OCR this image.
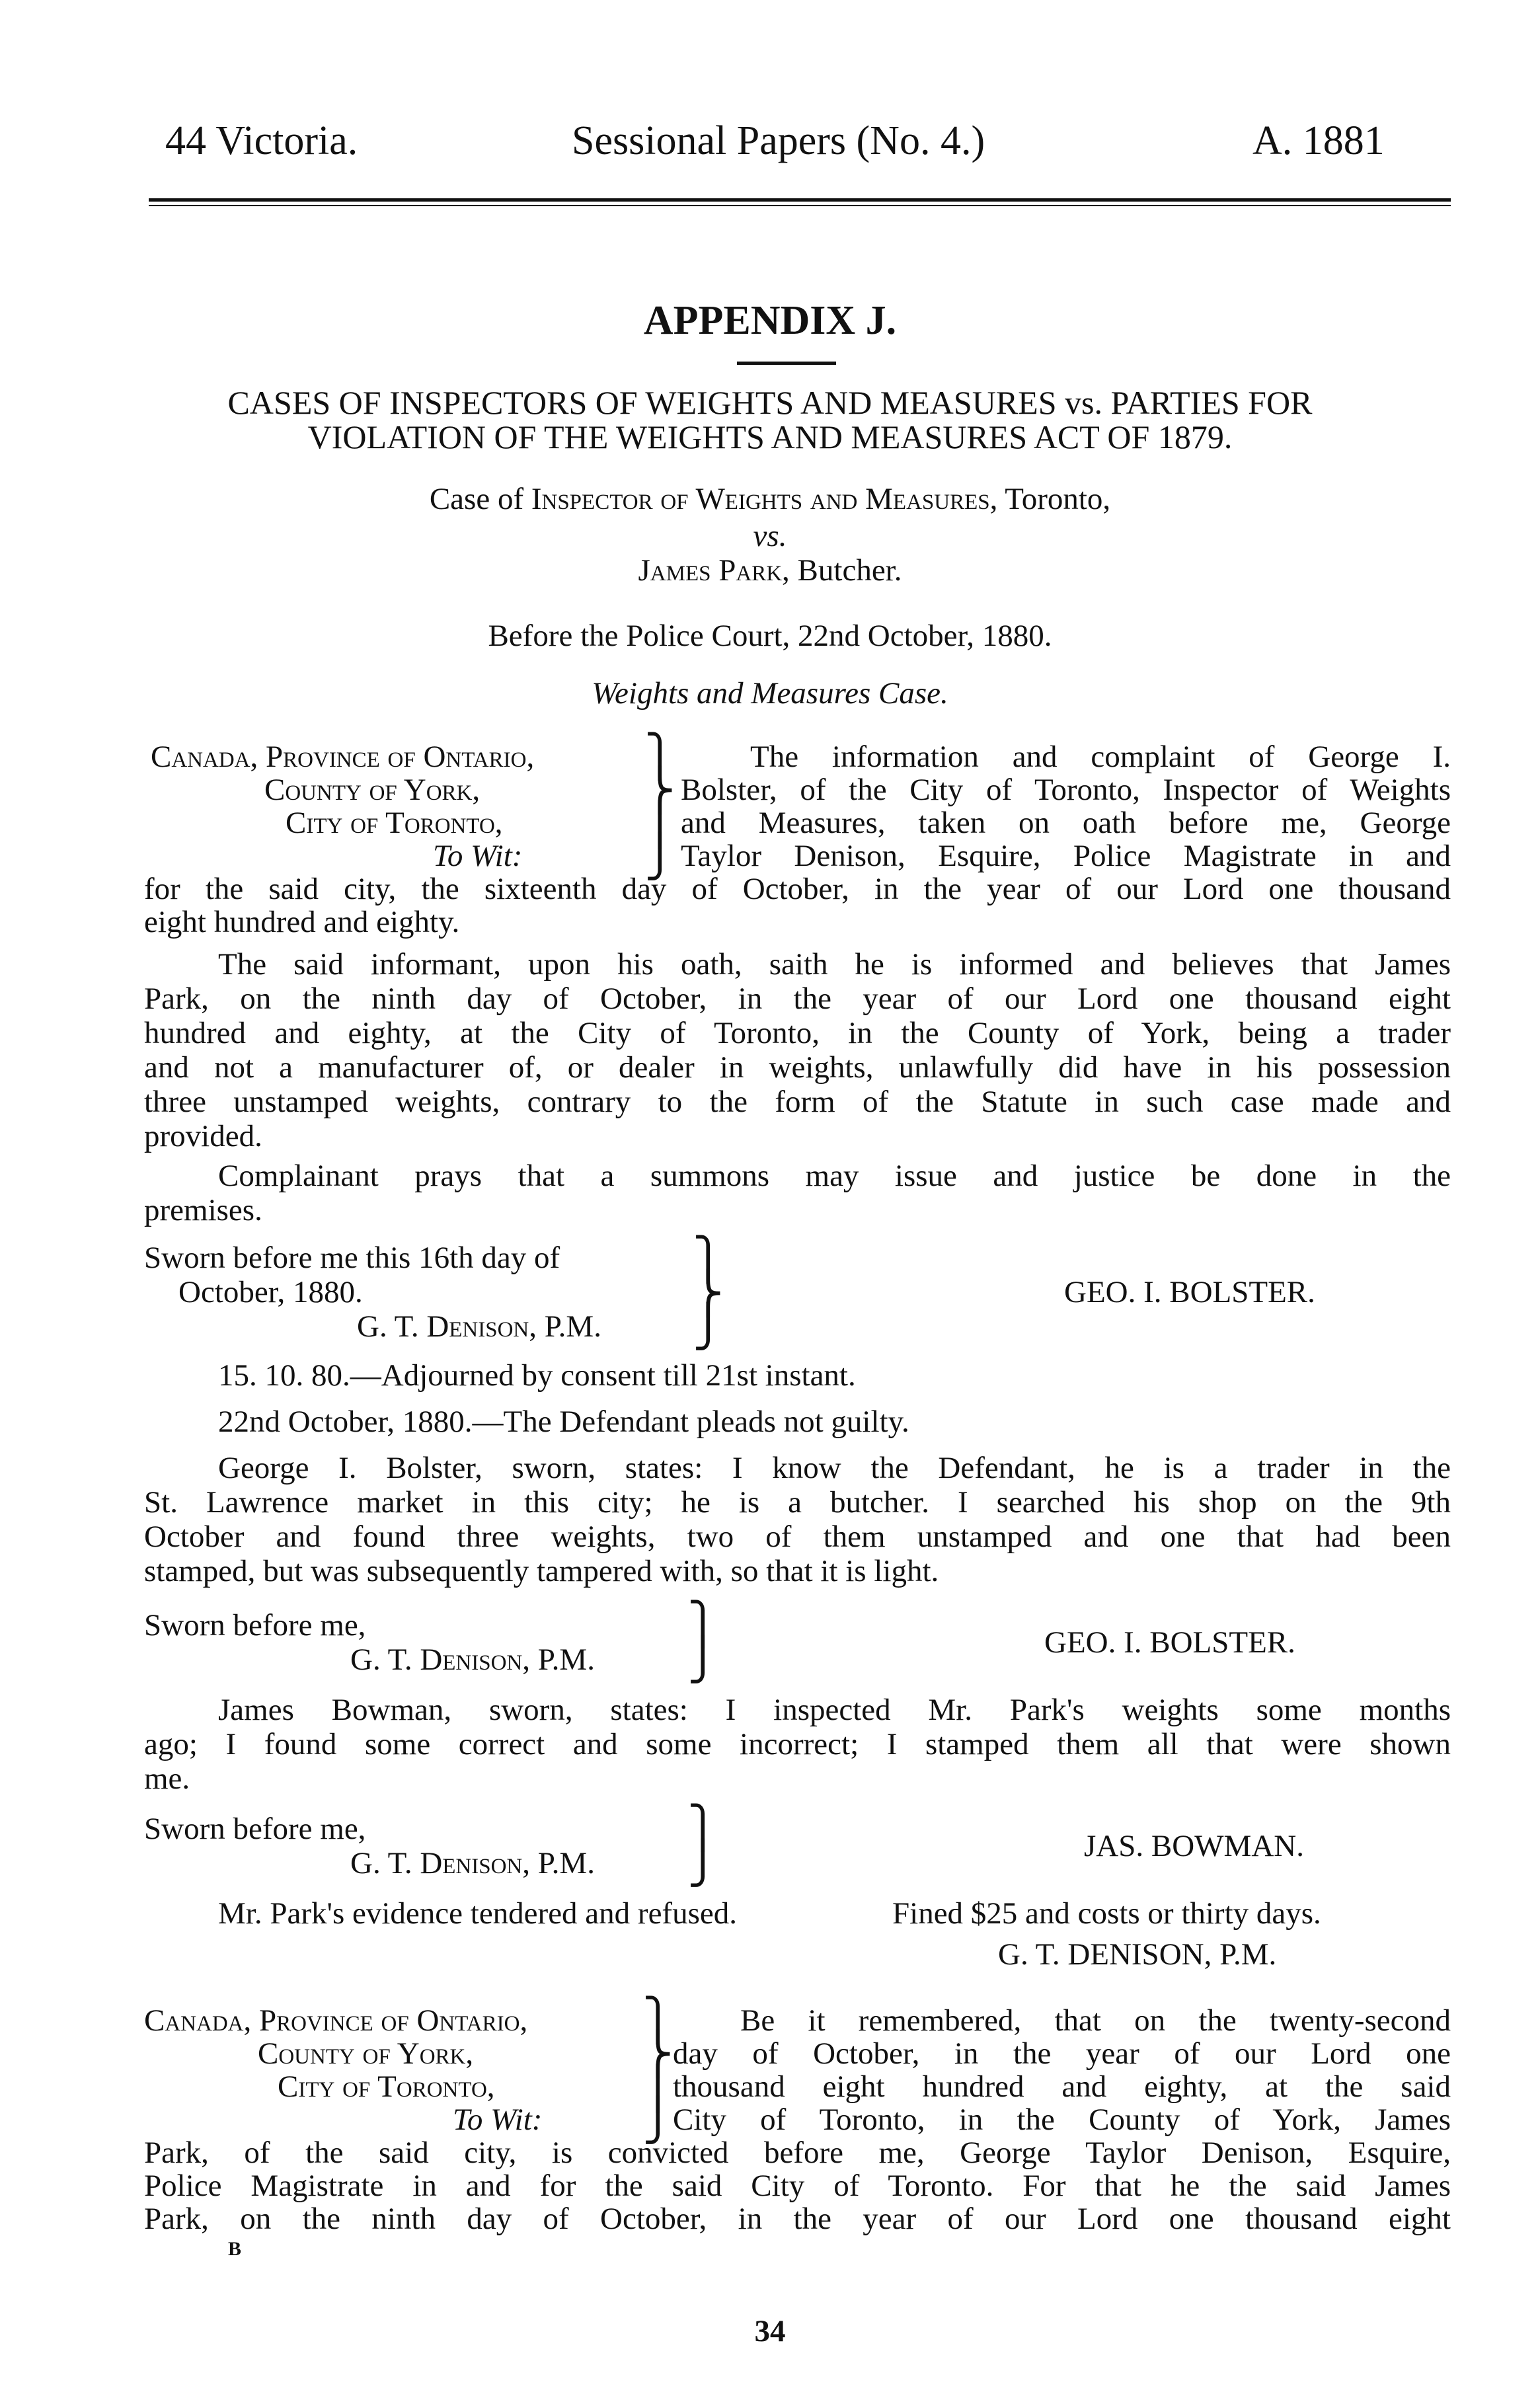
44 Victoria.	Sessional Papers (No. 4.)	A. 1881
APPENDIX J.
CASES OF INSPECTORS OF WEIGHTS AND MEASURES vs. PARTIES FOR
VIOLATION OF THE WEIGHTS AND MEASURES ACT OF 1879.
Case of Inspector of Weights and Measures, Toronto,
vs.
James Park, Butcher.
Before the Police Court, 22nd October, 1880.
Weights and Measures Case.
Canada, Province of Ontario,
County of York,
City of Toronto,
To Wit:
⎫
⎬
⎪
⎭
The information and complaint of George I.
Bolster, of the City of Toronto, Inspector of Weights
and Measures, taken on oath before me, George
Taylor Denison, Esquire, Police Magistrate in and
for the said city, the sixteenth day of October, in the year of our Lord one thousand
eight hundred and eighty.
The said informant, upon his oath, saith he is informed and believes that James
Park, on the ninth day of October, in the year of our Lord one thousand eight
hundred and eighty, at the City of Toronto, in the County of York, being a trader
and not a manufacturer of, or dealer in weights, unlawfully did have in his possession
three unstamped weights, contrary to the form of the Statute in such case made and
provided.
Complainant prays that a summons may issue and justice be done in the
premises.
Sworn before me this 16th day of
October, 1880.
G. T. Denison, P.M.
⎫
⎬
⎭
GEO. I. BOLSTER.
15. 10. 80.—Adjourned by consent till 21st instant.
22nd October, 1880.—The Defendant pleads not guilty.
George I. Bolster, sworn, states: I know the Defendant, he is a trader in the
St. Lawrence market in this city; he is a butcher. I searched his shop on the 9th
October and found three weights, two of them unstamped and one that had been
stamped, but was subsequently tampered with, so that it is light.
Sworn before me,
G. T. Denison, P.M.
⎫
⎭	GEO. I. BOLSTER.
James Bowman, sworn, states: I inspected Mr. Park's weights some months
ago; I found some correct and some incorrect; I stamped them all that were shown
me.
Sworn before me,
G. T. Denison, P.M.
⎫
⎭	JAS. BOWMAN.
Mr. Park's evidence tendered and refused.	Fined $25 and costs or thirty days.
G. T. DENISON, P.M.
Canada, Province of Ontario,
County of York,
City of Toronto,
To Wit:
⎫
⎬
⎪
⎭
Be it remembered, that on the twenty-second
day of October, in the year of our Lord one
thousand eight hundred and eighty, at the said
City of Toronto, in the County of York, James
Park, of the said city, is convicted before me, George Taylor Denison, Esquire,
Police Magistrate in and for the said City of Toronto. For that he the said James
Park, on the ninth day of October, in the year of our Lord one thousand eight
B
34
